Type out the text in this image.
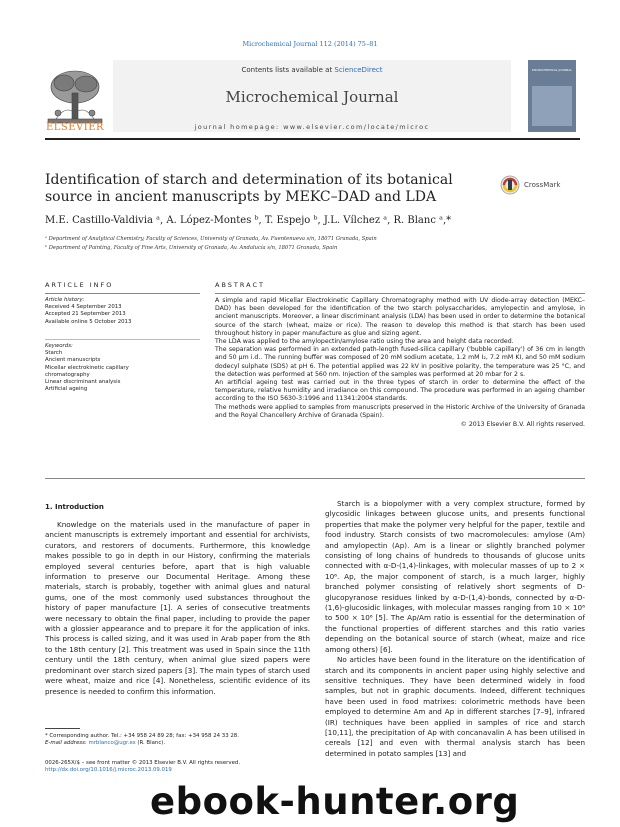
Microchemical Journal 112 (2014) 75–81
Contents lists available at ScienceDirect
Microchemical Journal
journal homepage: www.elsevier.com/locate/microc
ELSEVIER
MICROCHEMICAL JOURNAL
Identification of starch and determination of its botanical source in ancient manuscripts by MEKC–DAD and LDA
CrossMark
M.E. Castillo-Valdivia ᵃ, A. López-Montes ᵇ, T. Espejo ᵇ, J.L. Vílchez ᵃ, R. Blanc ᵃ,*
ᵃ Department of Analytical Chemistry, Faculty of Sciences, University of Granada, Av. Fuentenueva s/n, 18071 Granada, Spain
ᵇ Department of Painting, Faculty of Fine Arts, University of Granada, Av. Andalucía s/n, 18071 Granada, Spain
ARTICLE INFO
Article history:
Received 4 September 2013
Accepted 21 September 2013
Available online 5 October 2013
Keywords:
Starch
Ancient manuscripts
Micellar electrokinetic capillary
chromatography
Linear discriminant analysis
Artificial ageing
ABSTRACT

A simple and rapid Micellar Electrokinetic Capillary Chromatography method with UV diode-array detection (MEKC–DAD) has been developed for the identification of the two starch polysaccharides, amylopectin and amylose, in ancient manuscripts. Moreover, a linear discriminant analysis (LDA) has been used in order to determine the botanical source of the starch (wheat, maize or rice). The reason to develop this method is that starch has been used throughout history in paper manufacture as glue and sizing agent.

The LDA was applied to the amylopectin/amylose ratio using the area and height data recorded.

The separation was performed in an extended path-length fused-silica capillary ('bubble capillary') of 36 cm in length and 50 μm i.d.. The running buffer was composed of 20 mM sodium acetate, 1.2 mM I₂, 7.2 mM KI, and 50 mM sodium dodecyl sulphate (SDS) at pH 6. The potential applied was 22 kV in positive polarity, the temperature was 25 °C, and the detection was performed at 560 nm. Injection of the samples was performed at 20 mbar for 2 s.

An artificial ageing test was carried out in the three types of starch in order to determine the effect of the temperature, relative humidity and irradiance on this compound. The procedure was performed in an ageing chamber according to the ISO 5630-3:1996 and 11341:2004 standards.

The methods were applied to samples from manuscripts preserved in the Historic Archive of the University of Granada and the Royal Chancellery Archive of Granada (Spain).

© 2013 Elsevier B.V. All rights reserved.

1. Introduction

Knowledge on the materials used in the manufacture of paper in ancient manuscripts is extremely important and essential for archivists, curators, and restorers of documents. Furthermore, this knowledge makes possible to go in depth in our History, confirming the materials employed several centuries before, apart that is high valuable information to preserve our Documental Heritage. Among these materials, starch is probably, together with animal glues and natural gums, one of the most commonly used substances throughout the history of paper manufacture [1]. A series of consecutive treatments were necessary to obtain the final paper, including to provide the paper with a glossier appearance and to prepare it for the application of inks. This process is called sizing, and it was used in Arab paper from the 8th to the 18th century [2]. This treatment was used in Spain since the 11th century until the 18th century, when animal glue sized papers were predominant over starch sized papers [3]. The main types of starch used were wheat, maize and rice [4]. Nonetheless, scientific evidence of its presence is needed to confirm this information.

Starch is a biopolymer with a very complex structure, formed by glycosidic linkages between glucose units, and presents functional properties that make the polymer very helpful for the paper, textile and food industry. Starch consists of two macromolecules: amylose (Am) and amylopectin (Ap). Am is a linear or slightly branched polymer consisting of long chains of hundreds to thousands of glucose units connected with α-D-(1,4)-linkages, with molecular masses of up to 2 × 10⁶. Ap, the major component of starch, is a much larger, highly branched polymer consisting of relatively short segments of D-glucopyranose residues linked by α-D-(1,4)-bonds, connected by α-D-(1,6)-glucosidic linkages, with molecular masses ranging from 10 × 10⁶ to 500 × 10⁶ [5]. The Ap/Am ratio is essential for the determination of the functional properties of different starches and this ratio varies depending on the botanical source of starch (wheat, maize and rice among others) [6].

No articles have been found in the literature on the identification of starch and its components in ancient paper using highly selective and sensitive techniques. They have been determined widely in food samples, but not in graphic documents. Indeed, different techniques have been used in food matrixes: colorimetric methods have been employed to determine Am and Ap in different starches [7–9], infrared (IR) techniques have been applied in samples of rice and starch [10,11], the precipitation of Ap with concanavalin A has been utilised in cereals [12] and even with thermal analysis starch has been determined in potato samples [13] and

* Corresponding author. Tel.: +34 958 24 89 28; fax: +34 958 24 33 28.
E-mail address: mrblanco@ugr.es (R. Blanc).
0026-265X/$ – see front matter © 2013 Elsevier B.V. All rights reserved.
http://dx.doi.org/10.1016/j.microc.2013.09.019
ebook-hunter.org
